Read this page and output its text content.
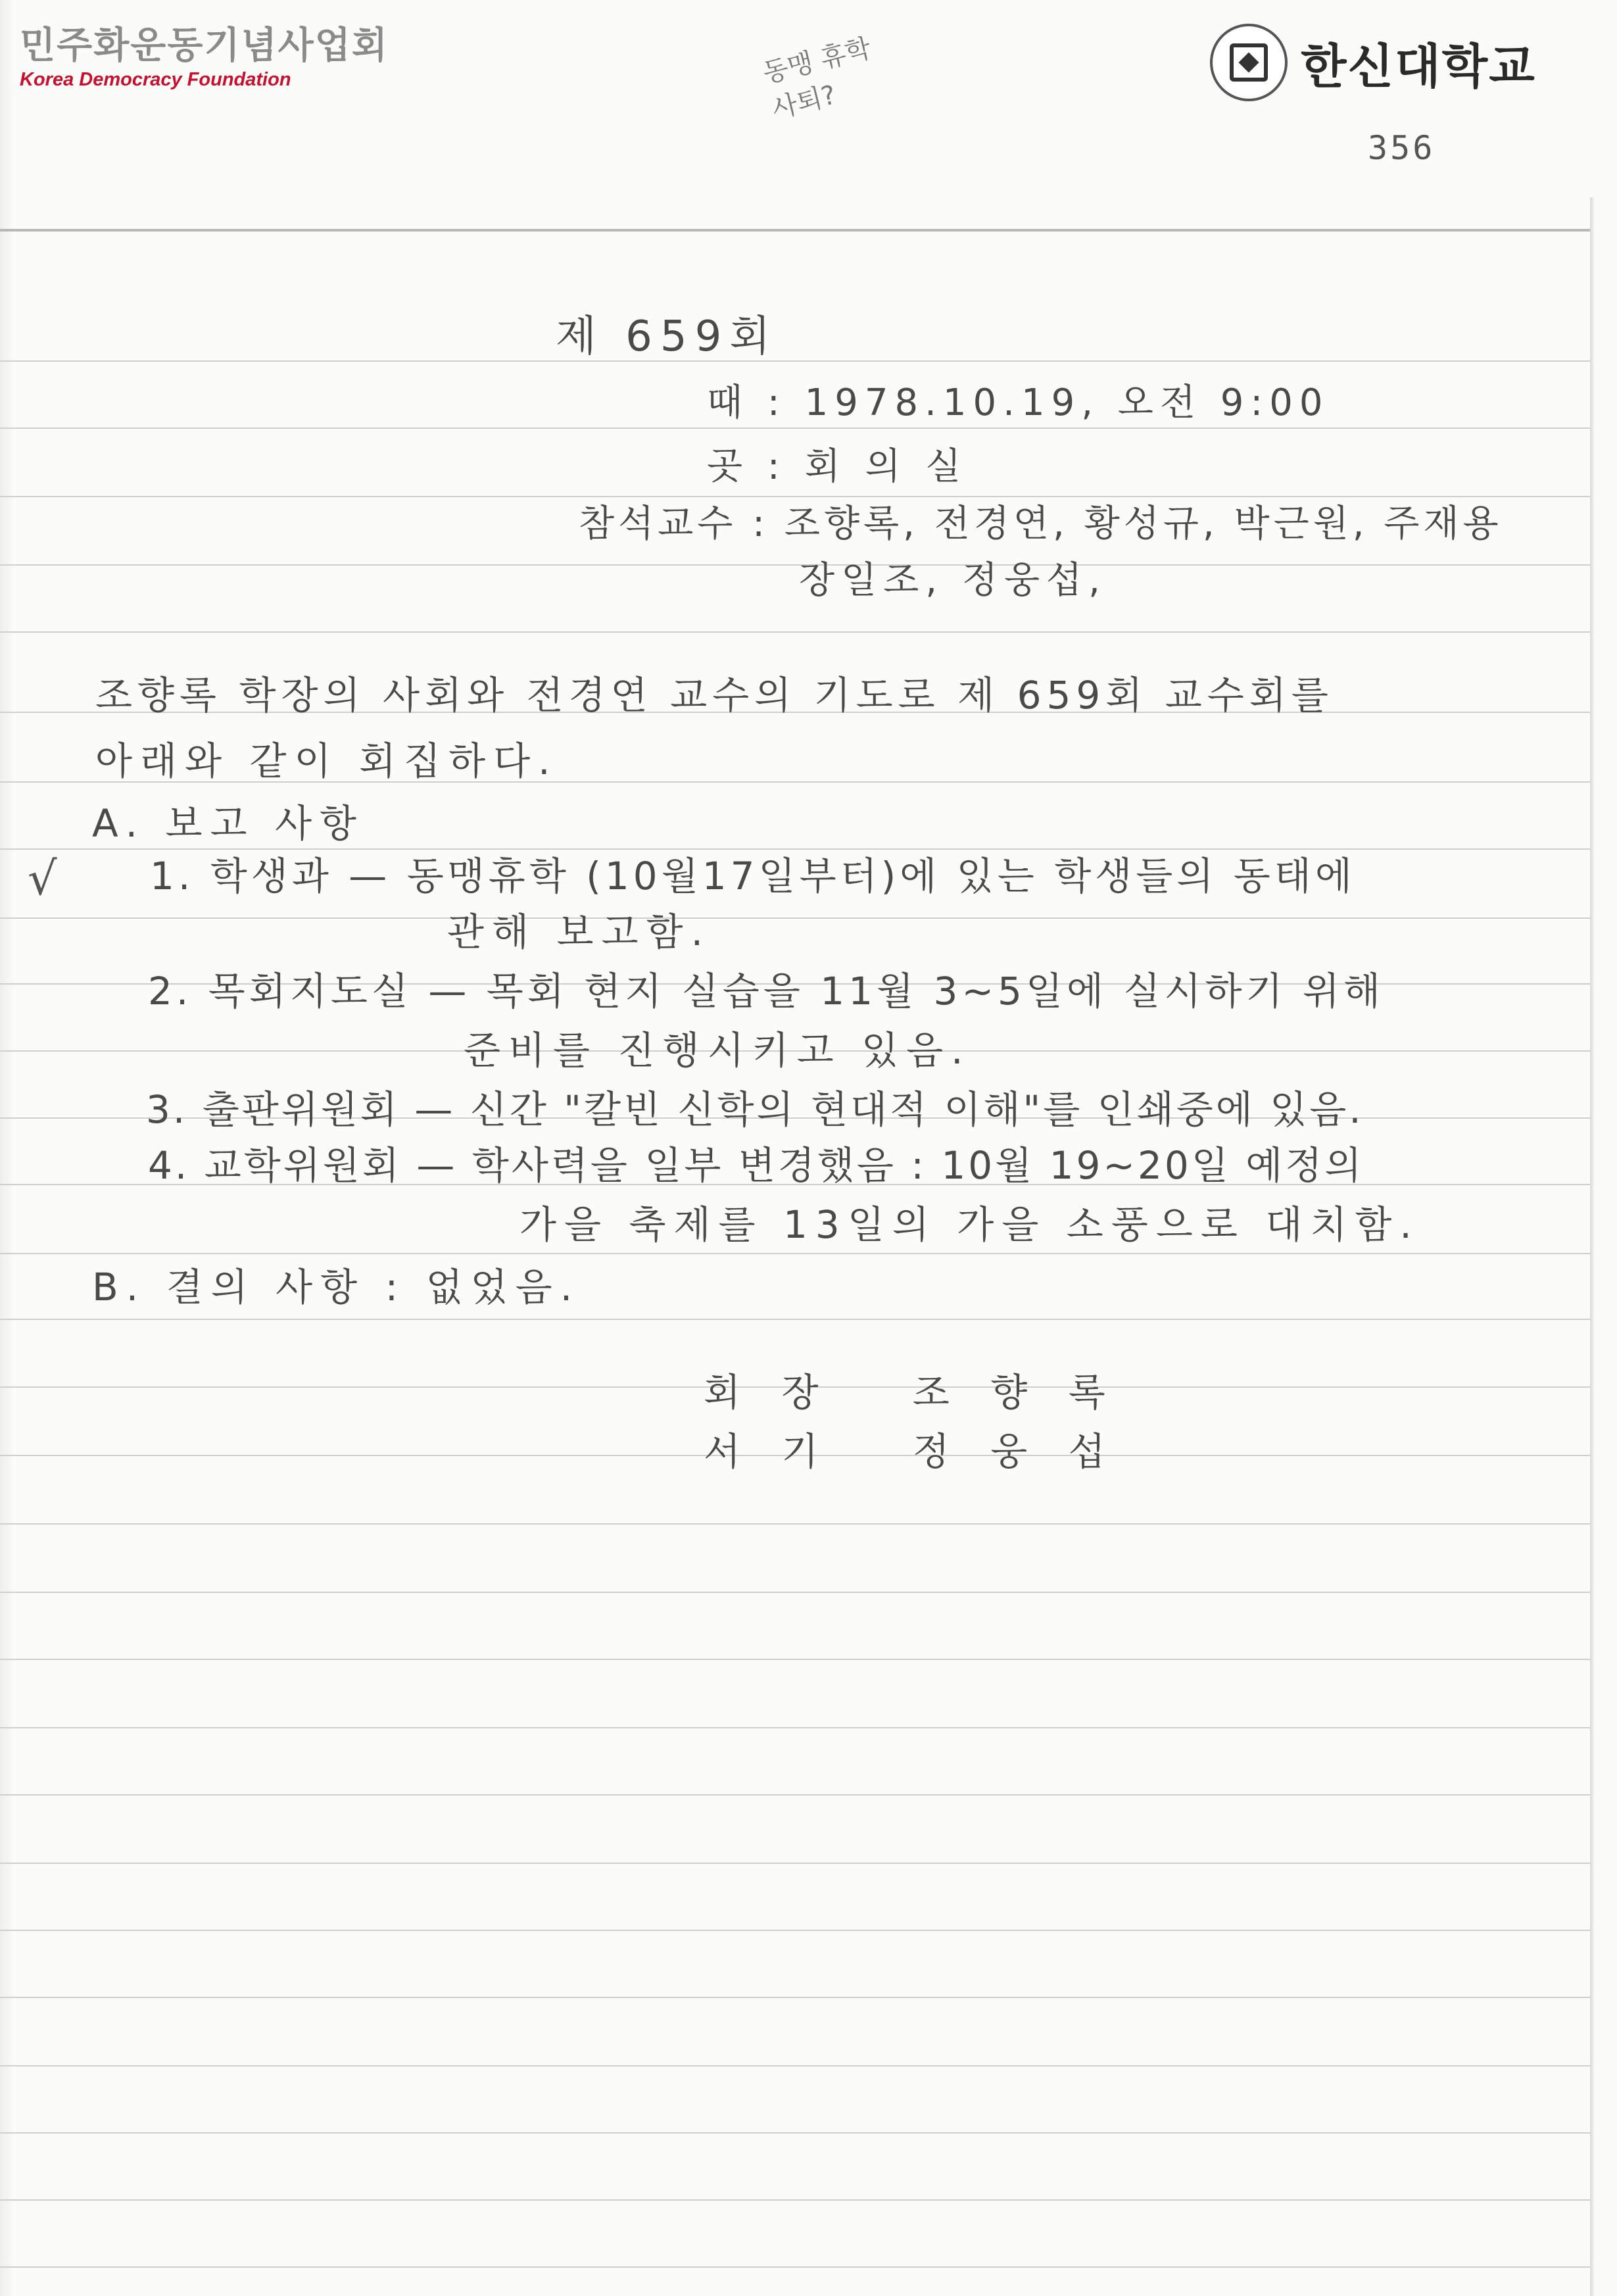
민주화운동기념사업회
Korea Democracy Foundation	동맹 휴학 사퇴?
한신대학교
356
제 659회
때 : 1978.10.19, 오전 9:00
곳 : 회 의 실
참석교수 : 조향록, 전경연, 황성규, 박근원, 주재용
장일조, 정웅섭,
조향록 학장의 사회와 전경연 교수의 기도로 제 659회 교수회를
아래와 같이 회집하다.
A. 보고 사항
√ 1. 학생과 — 동맹휴학 (10월17일부터)에 있는 학생들의 동태에
관해 보고함.
2. 목회지도실 — 목회 현지 실습을 11월 3~5일에 실시하기 위해
준비를 진행시키고 있음.
3. 출판위원회 — 신간 "칼빈 신학의 현대적 이해"를 인쇄중에 있음.
4. 교학위원회 — 학사력을 일부 변경했음 : 10월 19~20일 예정의
가을 축제를 13일의 가을 소풍으로 대치함.
B. 결의 사항 : 없었음.
회 장   조 향 록
서 기   정 웅 섭
